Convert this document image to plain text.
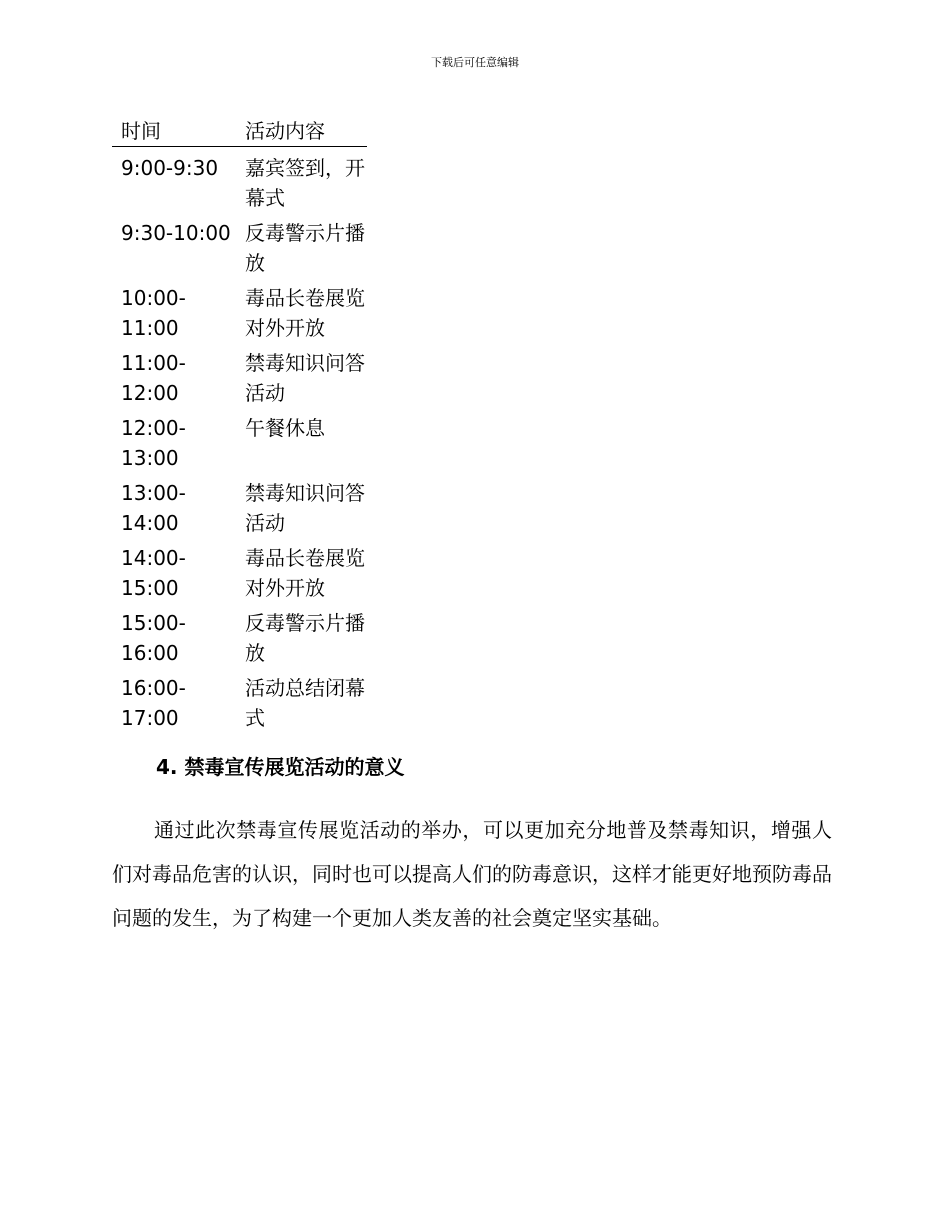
下载后可任意编辑
时间	活动内容

9:00-9:30	嘉宾签到，开幕式

9:30-10:00	反毒警示片播放

10:00-11:00	毒品长卷展览对外开放

11:00-12:00	禁毒知识问答活动

12:00-13:00	午餐休息

13:00-14:00	禁毒知识问答活动

14:00-15:00	毒品长卷展览对外开放

15:00-16:00	反毒警示片播放

16:00-17:00	活动总结闭幕式
4. 禁毒宣传展览活动的意义

通过此次禁毒宣传展览活动的举办，可以更加充分地普及禁毒知识，增强人们对毒品危害的认识，同时也可以提高人们的防毒意识，这样才能更好地预防毒品问题的发生，为了构建一个更加人类友善的社会奠定坚实基础。
